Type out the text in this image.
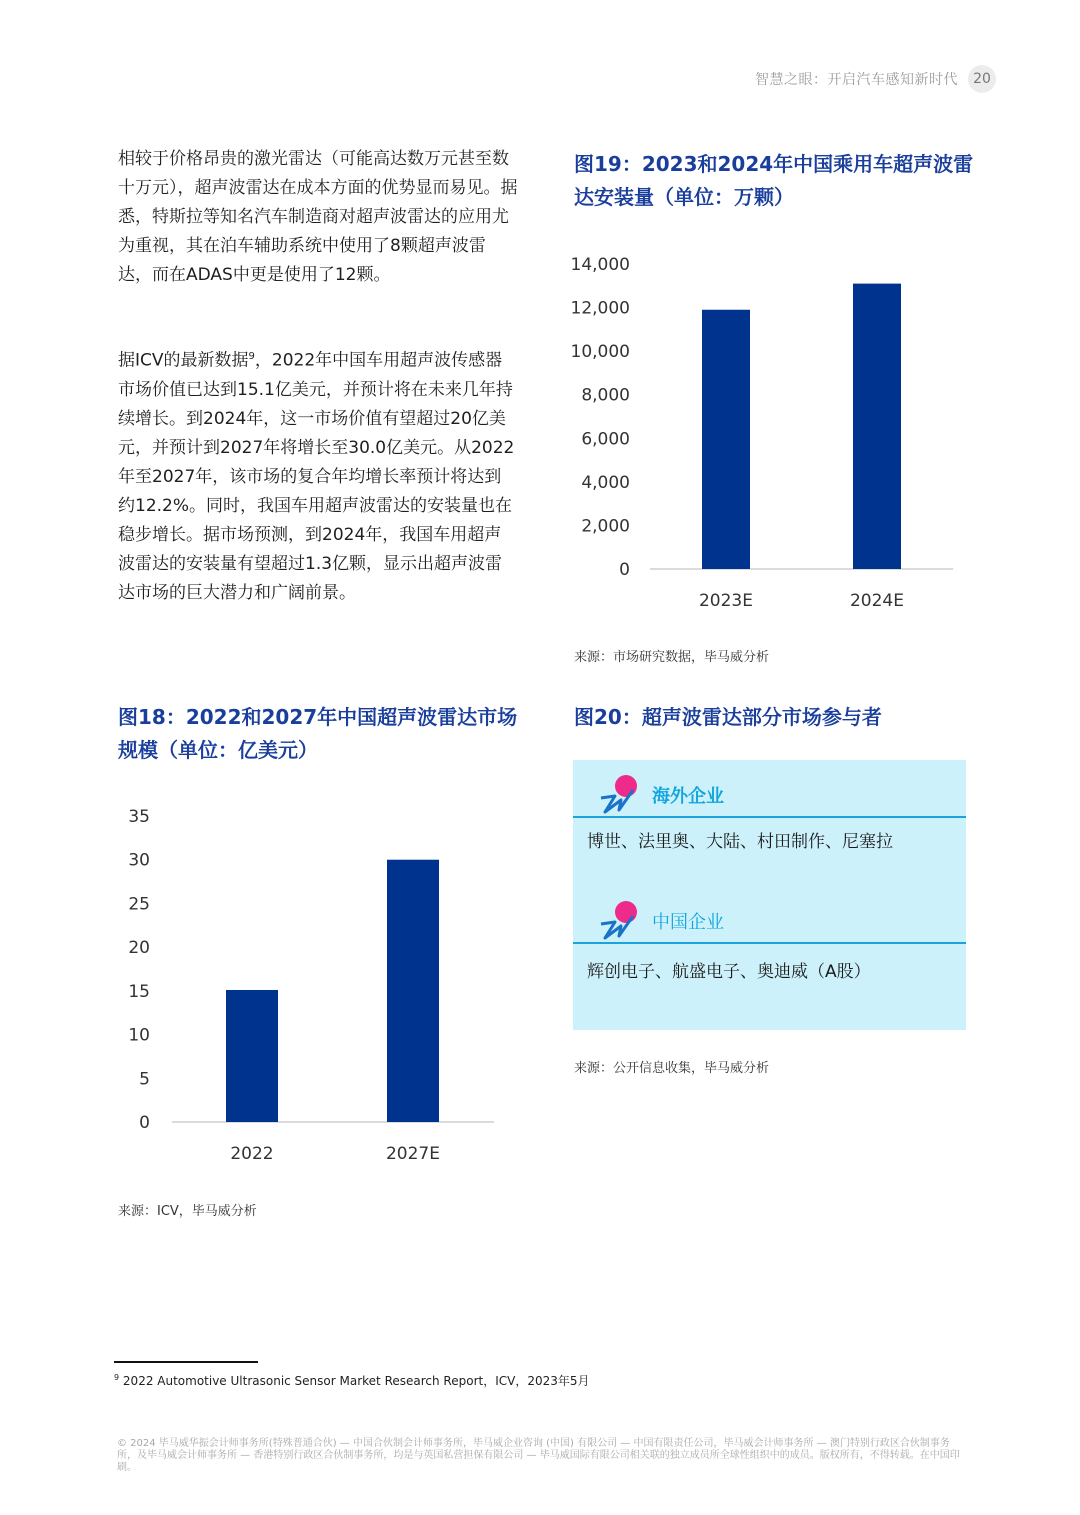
智慧之眼：开启汽车感知新时代	20
相较于价格昂贵的激光雷达（可能高达数万元甚至数十万元），超声波雷达在成本方面的优势显而易见。据悉，特斯拉等知名汽车制造商对超声波雷达的应用尤为重视，其在泊车辅助系统中使用了8颗超声波雷达，而在ADAS中更是使用了12颗。
据ICV的最新数据$^9$，2022年中国车用超声波传感器市场价值已达到15.1亿美元，并预计将在未来几年持续增长。到2024年，这一市场价值有望超过20亿美元，并预计到2027年将增长至30.0亿美元。从2022年至2027年，该市场的复合年均增长率预计将达到约12.2%。同时，我国车用超声波雷达的安装量也在稳步增长。据市场预测，到2024年，我国车用超声波雷达的安装量有望超过1.3亿颗，显示出超声波雷达市场的巨大潜力和广阔前景。
图19：2023和2024年中国乘用车超声波雷达安装量（单位：万颗）
0
2,000
4,000
6,000
8,000
10,000
12,000
14,000
2023E	2024E
来源：市场研究数据，毕马威分析
图18：2022和2027年中国超声波雷达市场规模（单位：亿美元）
0
5
10
15
20
25
30
35
2022	2027E
来源：ICV，毕马威分析
图20：超声波雷达部分市场参与者
海外企业
博世、法里奥、大陆、村田制作、尼塞拉
中国企业
辉创电子、航盛电子、奥迪威（A股）
来源：公开信息收集，毕马威分析
$^9$ 2022 Automotive Ultrasonic Sensor Market Research Report，ICV，2023年5月
© 2024 毕马威华振会计师事务所(特殊普通合伙) — 中国合伙制会计师事务所，毕马威企业咨询 (中国) 有限公司 — 中国有限责任公司，毕马威会计师事务所 — 澳门特别行政区合伙制事务所，及毕马威会计师事务所 — 香港特别行政区合伙制事务所，均是与英国私营担保有限公司 — 毕马威国际有限公司相关联的独立成员所全球性组织中的成员。版权所有，不得转载。在中国印刷。
